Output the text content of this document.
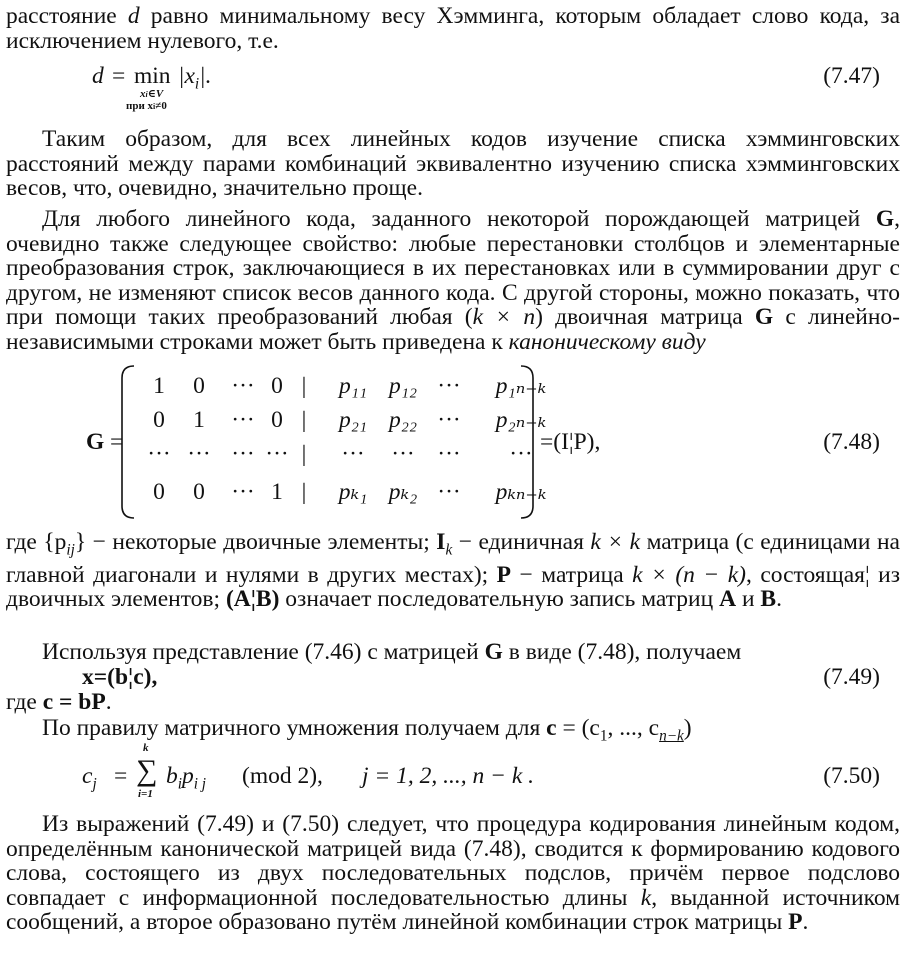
расстояние d равно минимальному весу Хэмминга, которым обладает слово кода, за исключением нулевого, т.е.

d = min
xi∈V
при xi≠0
$|x_i|$.	(7.47)

Таким образом, для всех линейных кодов изучение списка хэмминговских расстояний между парами комбинаций эквивалентно изучению списка хэмминговских весов, что, очевидно, значительно проще.

Для любого линейного кода, заданного некоторой порождающей матрицей G, очевидно также следующее свойство: любые перестановки столбцов и элементарные преобразования строк, заключающиеся в их перестановках или в суммировании друг с другом, не изменяют список весов данного кода. С другой стороны, можно показать, что при помощи таких преобразований любая (k × n) двоичная матрица G с линейно-независимыми строками может быть приведена к каноническому виду

G =
1	0	··· 0 |	p₁₁ p₁₂ ···	p₁ₙ₋ₖ
0	1	··· 0 |	p₂₁ p₂₂ ···	p₂ₙ₋ₖ
··· ··· ··· ··· |	···	··· ···	···
0	0	··· 1 |	pₖ₁ pₖ₂ ···	pₖₙ₋ₖ
=(I¦P),	(7.48)

где $\{p_{ij}\}$ − некоторые двоичные элементы; $I_k$ − единичная k × k матрица (с единицами на главной диагонали и нулями в других местах); P − матрица k × (n − k), состоящая¦ из двоичных элементов; (A¦B) означает последовательную запись матриц A и B.

Используя представление (7.46) с матрицей G в виде (7.48), получаем

x=(b¦c),	(7.49)
где c = bP.

По правилу матричного умножения получаем для $c = (c_1$, ..., $c_{n-k}$)

$c_j$ =
k
∑
i=1
$b_ip_{i j}$ (mod 2), j = 1, 2, ..., n − k .	(7.50)

Из выражений (7.49) и (7.50) следует, что процедура кодирования линейным кодом, определённым канонической матрицей вида (7.48), сводится к формированию кодового слова, состоящего из двух последовательных подслов, причём первое подслово совпадает с информационной последовательностью длины k, выданной источником сообщений, а второе образовано путём линейной комбинации строк матрицы P.
